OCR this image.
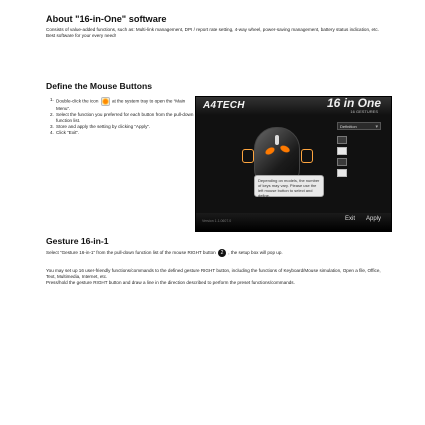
About "16-in-One" software
Consists of value-added functions, such as: Multi-link management, DPI / report rate setting, 4-way wheel, power-saving management, battery status indication, etc.
Best software for your every need!
Define the Mouse Buttons
1. Double-click the icon	at the system tray to open the “Main Menu”.
2. Select the function you preferred for each button from the pull-down function list.
3. Store and apply the setting by clicking “Apply”.
4. Click “Exit”.
A4TECH	16 in One
16 GESTURES
Definition	▾
Depending on models, the number of keys may vary. Please use the left mouse button to select and define.
Version 1.1.0607.0	Exit Apply
Gesture 16-in-1
Select “Gesture 16-in-1” from the pull-down function list of the mouse RIGHT button 2 , the setup box will pop up.
You may set up 16 user-friendly functions/commands to the defined gesture RIGHT button, including the functions of Keyboard/Mouse simulation, Open a file, Office, Text, Multimedia, Internet, etc.
Press/hold the gesture RIGHT button and draw a line in the direction described to perform the preset functions/commands.
